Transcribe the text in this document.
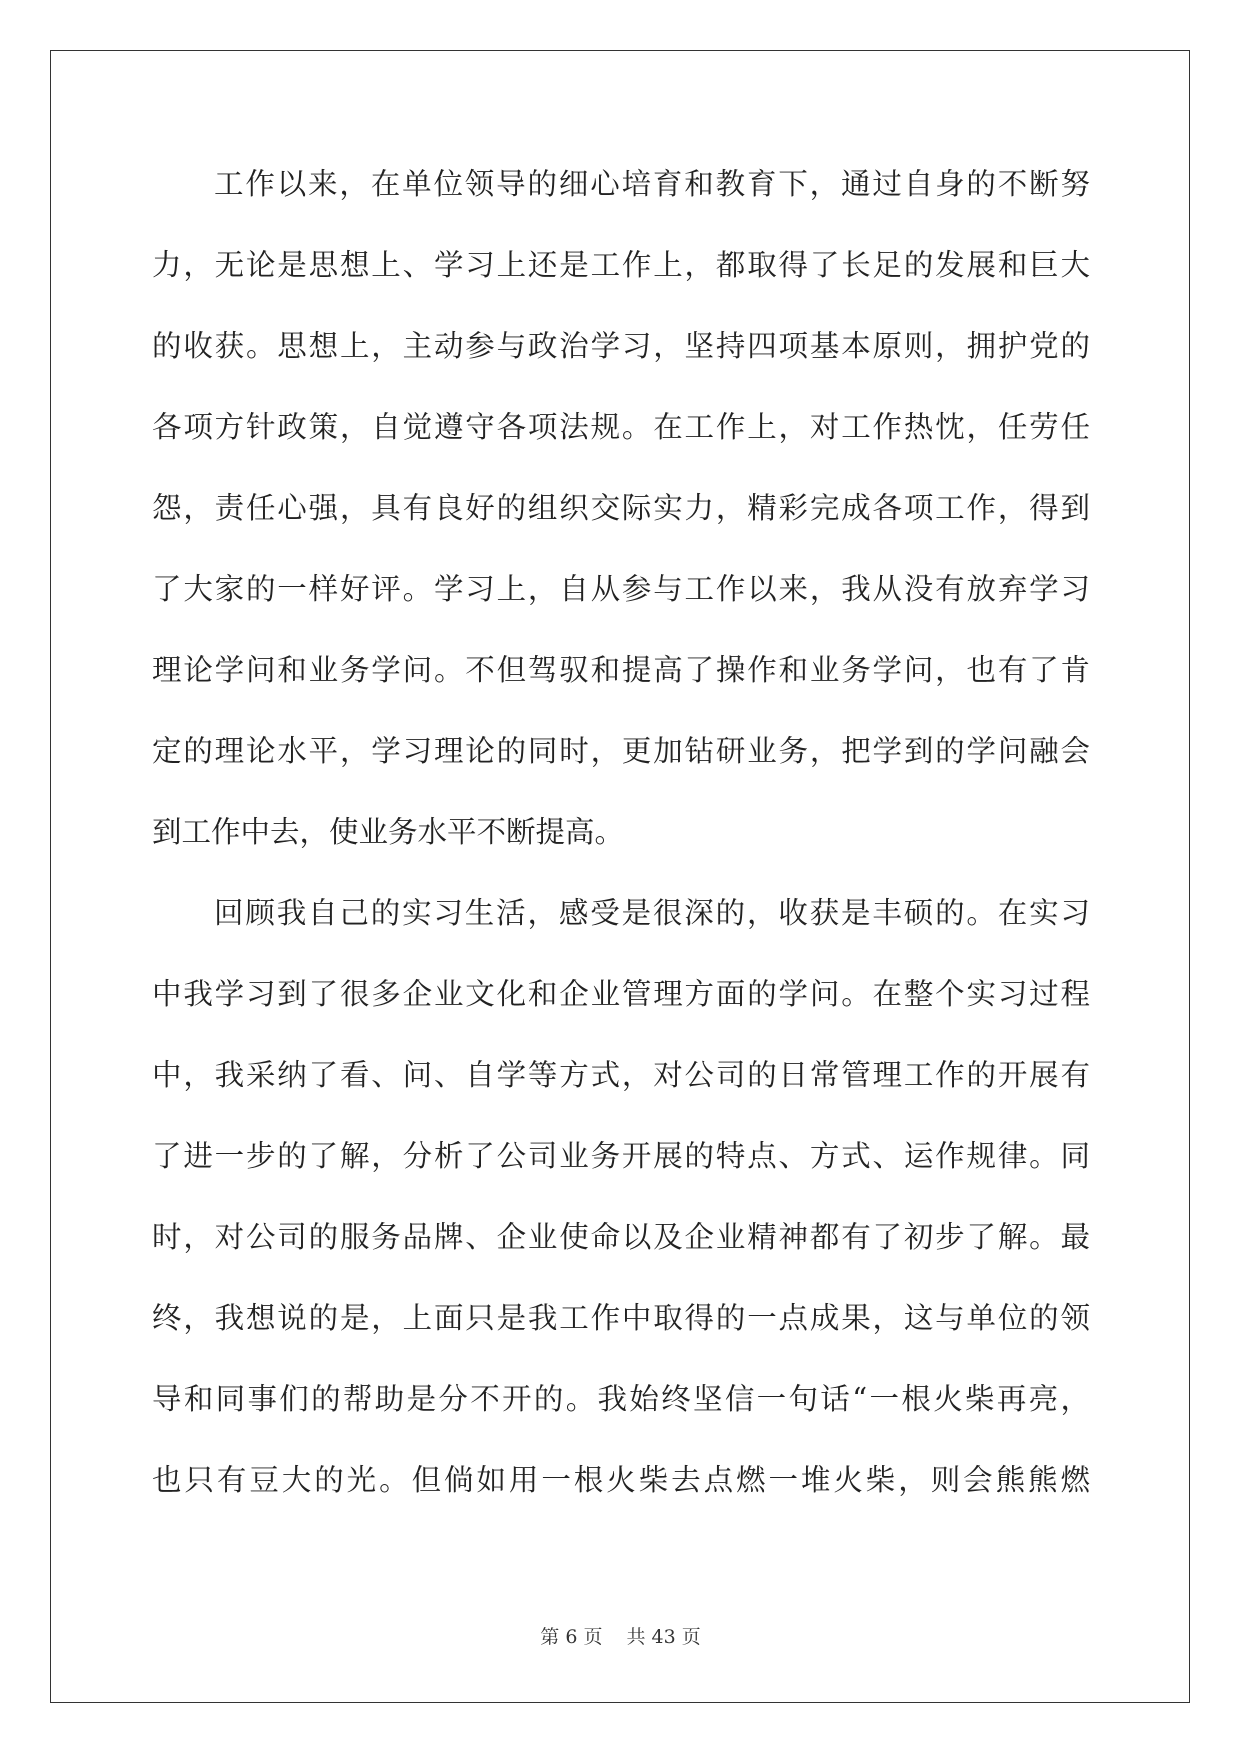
工作以来，在单位领导的细心培育和教育下，通过自身的不断努
力，无论是思想上、学习上还是工作上，都取得了长足的发展和巨大
的收获。思想上，主动参与政治学习，坚持四项基本原则，拥护党的
各项方针政策，自觉遵守各项法规。在工作上，对工作热忱，任劳任
怨，责任心强，具有良好的组织交际实力，精彩完成各项工作，得到
了大家的一样好评。学习上，自从参与工作以来，我从没有放弃学习
理论学问和业务学问。不但驾驭和提高了操作和业务学问，也有了肯
定的理论水平，学习理论的同时，更加钻研业务，把学到的学问融会
到工作中去，使业务水平不断提高。
回顾我自己的实习生活，感受是很深的，收获是丰硕的。在实习
中我学习到了很多企业文化和企业管理方面的学问。在整个实习过程
中，我采纳了看、问、自学等方式，对公司的日常管理工作的开展有
了进一步的了解，分析了公司业务开展的特点、方式、运作规律。同
时，对公司的服务品牌、企业使命以及企业精神都有了初步了解。最
终，我想说的是，上面只是我工作中取得的一点成果，这与单位的领
导和同事们的帮助是分不开的。我始终坚信一句话“一根火柴再亮，
也只有豆大的光。但倘如用一根火柴去点燃一堆火柴，则会熊熊燃
第 6 页 共 43 页
